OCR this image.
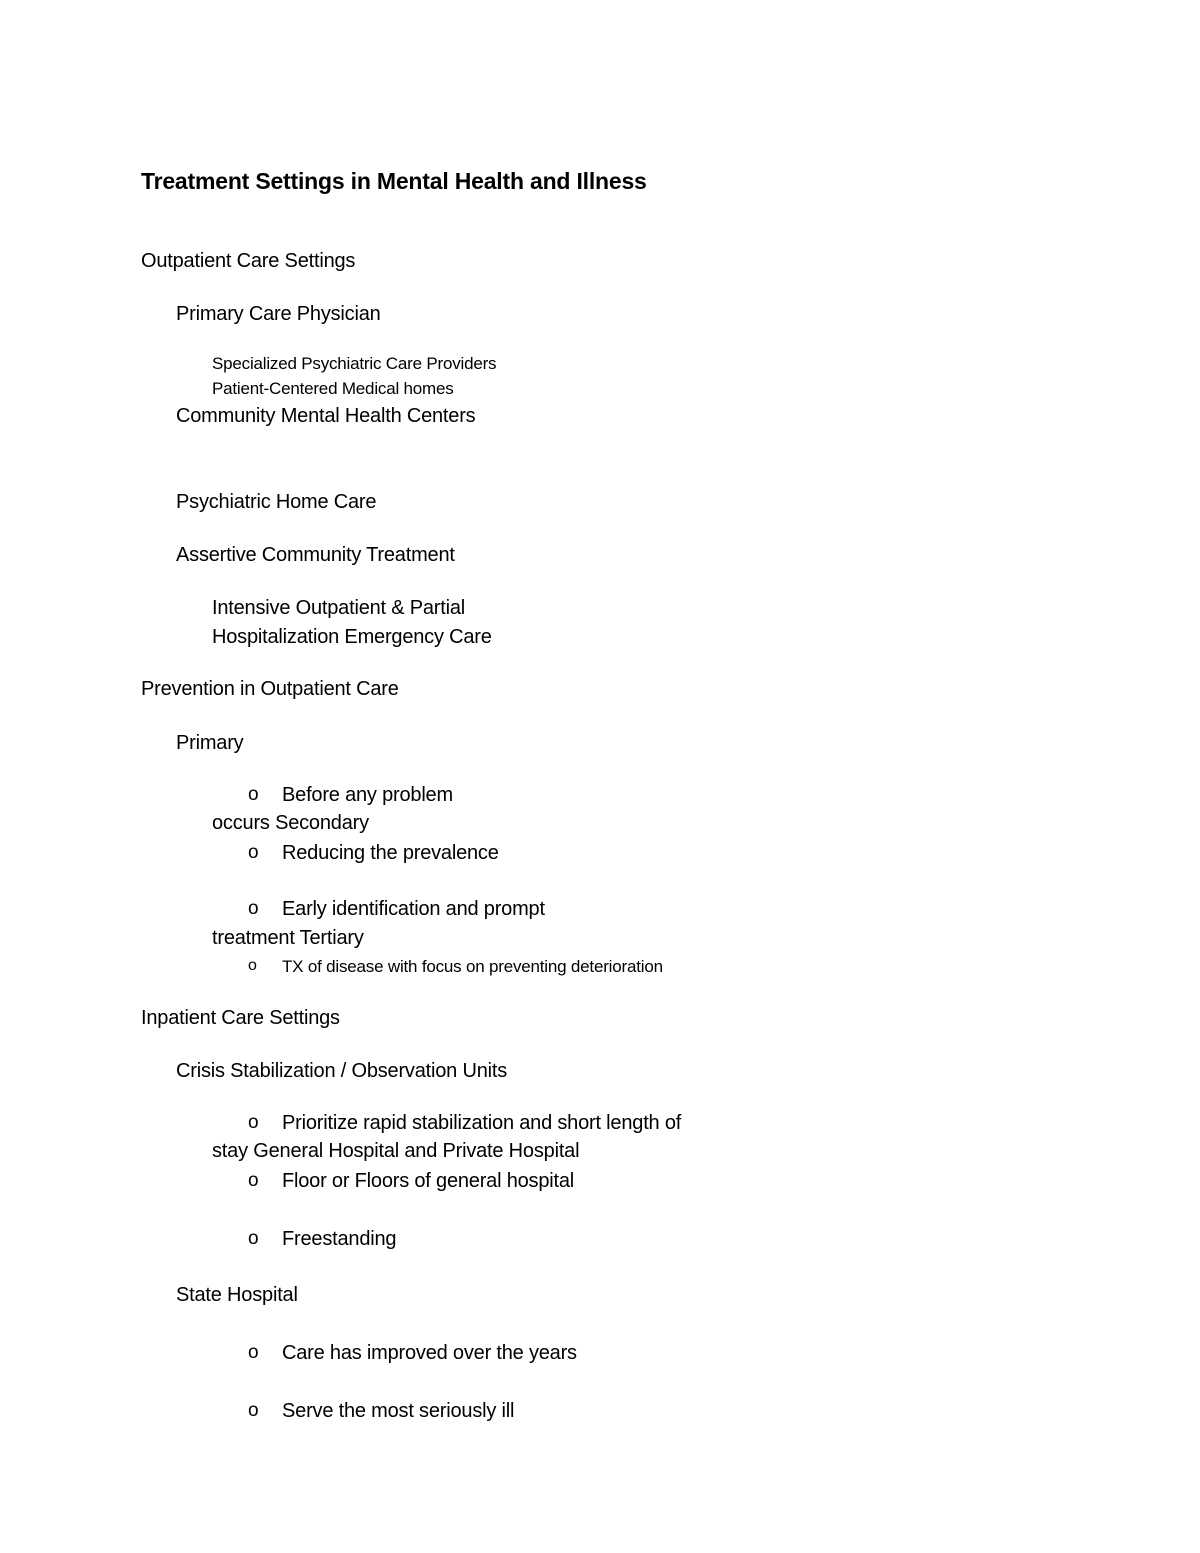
Treatment Settings in Mental Health and Illness
Outpatient Care Settings
Primary Care Physician
Specialized Psychiatric Care Providers
Patient-Centered Medical homes
Community Mental Health Centers
Psychiatric Home Care
Assertive Community Treatment
Intensive Outpatient & Partial
Hospitalization Emergency Care
Prevention in Outpatient Care
Primary
o Before any problem
occurs Secondary
o Reducing the prevalence
o Early identification and prompt
treatment Tertiary
o TX of disease with focus on preventing deterioration
Inpatient Care Settings
Crisis Stabilization / Observation Units
o Prioritize rapid stabilization and short length of
stay General Hospital and Private Hospital
o Floor or Floors of general hospital
o Freestanding
State Hospital
o Care has improved over the years
o Serve the most seriously ill
